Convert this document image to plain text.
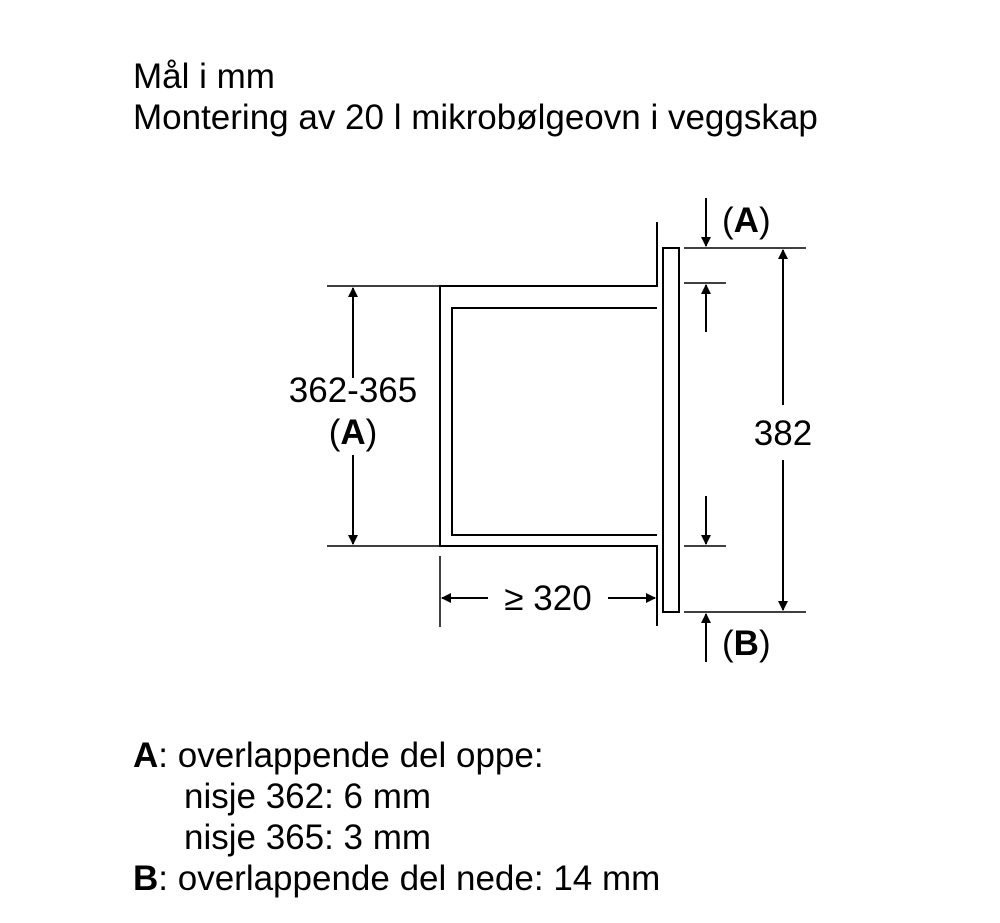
Mål i mm
Montering av 20 l mikrobølgeovn i veggskap
362-365
(A)	382
(A)
(B)
≥ 320
A: overlappende del oppe:
nisje 362: 6 mm
nisje 365: 3 mm
B: overlappende del nede: 14 mm
